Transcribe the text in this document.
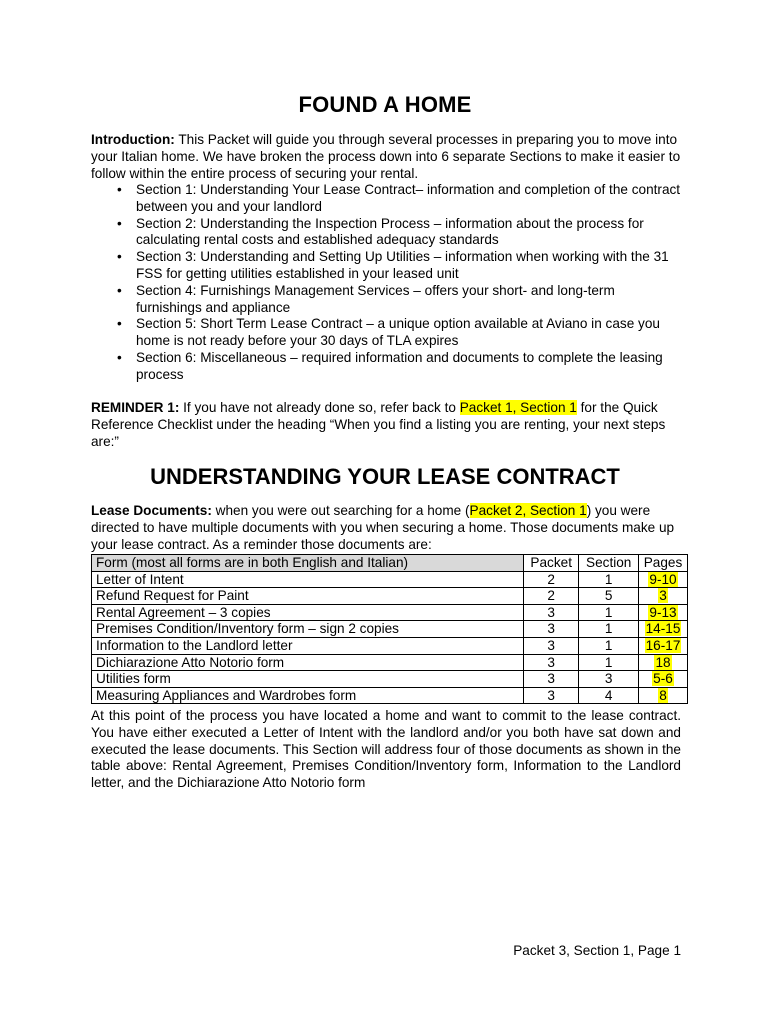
FOUND A HOME
Introduction: This Packet will guide you through several processes in preparing you to move into your Italian home. We have broken the process down into 6 separate Sections to make it easier to follow within the entire process of securing your rental.
• Section 1: Understanding Your Lease Contract– information and completion of the contract between you and your landlord
• Section 2: Understanding the Inspection Process – information about the process for calculating rental costs and established adequacy standards
• Section 3: Understanding and Setting Up Utilities – information when working with the 31 FSS for getting utilities established in your leased unit
• Section 4: Furnishings Management Services – offers your short- and long-term furnishings and appliance
• Section 5: Short Term Lease Contract – a unique option available at Aviano in case you home is not ready before your 30 days of TLA expires
• Section 6: Miscellaneous – required information and documents to complete the leasing process
REMINDER 1: If you have not already done so, refer back to Packet 1, Section 1 for the Quick Reference Checklist under the heading “When you find a listing you are renting, your next steps are:”
UNDERSTANDING YOUR LEASE CONTRACT
Lease Documents: when you were out searching for a home (Packet 2, Section 1) you were directed to have multiple documents with you when securing a home. Those documents make up your lease contract. As a reminder those documents are:
Form (most all forms are in both English and Italian)	Packet	Section	Pages
Letter of Intent	2	1	9-10
Refund Request for Paint	2	5	3
Rental Agreement – 3 copies	3	1	9-13
Premises Condition/Inventory form – sign 2 copies	3	1	14-15
Information to the Landlord letter	3	1	16-17
Dichiarazione Atto Notorio form	3	1	18
Utilities form	3	3	5-6
Measuring Appliances and Wardrobes form	3	4	8
At this point of the process you have located a home and want to commit to the lease contract. You have either executed a Letter of Intent with the landlord and/or you both have sat down and executed the lease documents. This Section will address four of those documents as shown in the table above: Rental Agreement, Premises Condition/Inventory form, Information to the Landlord letter, and the Dichiarazione Atto Notorio form
Packet 3, Section 1, Page 1
